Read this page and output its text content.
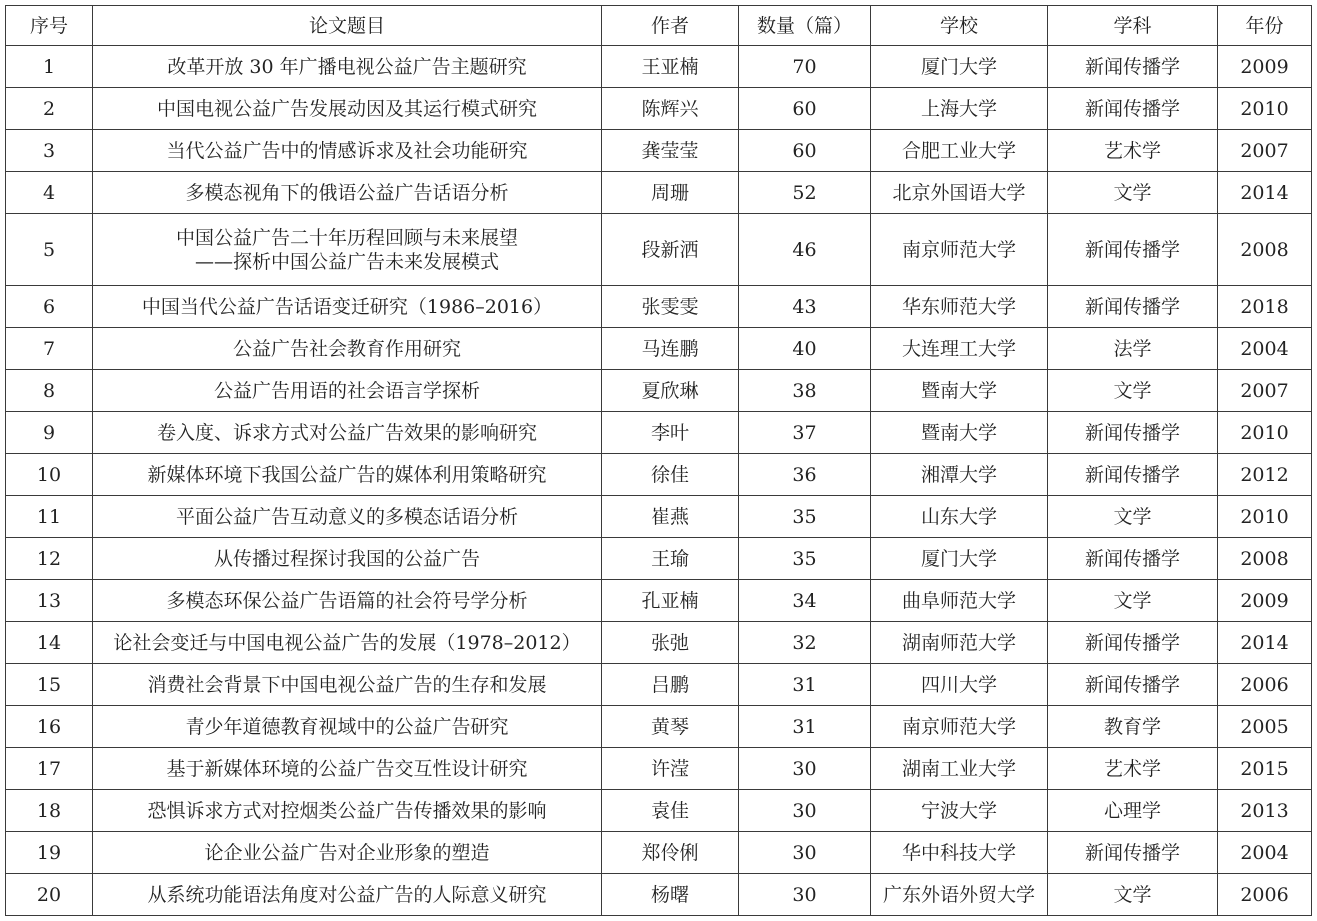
序号	论文题目	作者	数量（篇）	学校	学科	年份
1	改革开放 30 年广播电视公益广告主题研究	王亚楠	70	厦门大学	新闻传播学	2009
2	中国电视公益广告发展动因及其运行模式研究	陈辉兴	60	上海大学	新闻传播学	2010
3	当代公益广告中的情感诉求及社会功能研究	龚莹莹	60	合肥工业大学	艺术学	2007
4	多模态视角下的俄语公益广告话语分析	周珊	52	北京外国语大学	文学	2014
5	中国公益广告二十年历程回顾与未来展望
——探析中国公益广告未来发展模式	段新洒	46	南京师范大学	新闻传播学	2008
6	中国当代公益广告话语变迁研究（1986–2016）	张雯雯	43	华东师范大学	新闻传播学	2018
7	公益广告社会教育作用研究	马连鹏	40	大连理工大学	法学	2004
8	公益广告用语的社会语言学探析	夏欣琳	38	暨南大学	文学	2007
9	卷入度、诉求方式对公益广告效果的影响研究	李叶	37	暨南大学	新闻传播学	2010
10	新媒体环境下我国公益广告的媒体利用策略研究	徐佳	36	湘潭大学	新闻传播学	2012
11	平面公益广告互动意义的多模态话语分析	崔燕	35	山东大学	文学	2010
12	从传播过程探讨我国的公益广告	王瑜	35	厦门大学	新闻传播学	2008
13	多模态环保公益广告语篇的社会符号学分析	孔亚楠	34	曲阜师范大学	文学	2009
14	论社会变迁与中国电视公益广告的发展（1978–2012）	张弛	32	湖南师范大学	新闻传播学	2014
15	消费社会背景下中国电视公益广告的生存和发展	吕鹏	31	四川大学	新闻传播学	2006
16	青少年道德教育视域中的公益广告研究	黄琴	31	南京师范大学	教育学	2005
17	基于新媒体环境的公益广告交互性设计研究	许滢	30	湖南工业大学	艺术学	2015
18	恐惧诉求方式对控烟类公益广告传播效果的影响	袁佳	30	宁波大学	心理学	2013
19	论企业公益广告对企业形象的塑造	郑伶俐	30	华中科技大学	新闻传播学	2004
20	从系统功能语法角度对公益广告的人际意义研究	杨曙	30	广东外语外贸大学	文学	2006
